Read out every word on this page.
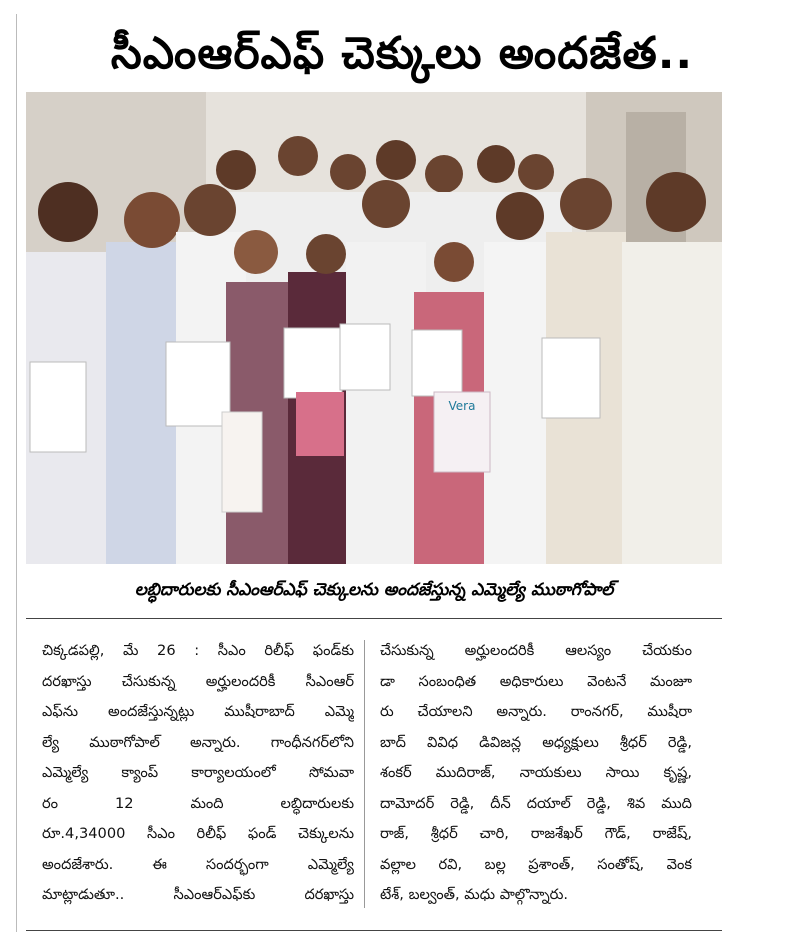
సీఎంఆర్‌ఎఫ్‌ చెక్కులు అందజేత..
Vera
లబ్ధిదారులకు సీఎంఆర్‌ఎఫ్‌ చెక్కులను అందజేస్తున్న ఎమ్మెల్యే ముఠాగోపాల్‌
చిక్కడపల్లి, మే 26 : సీఎం రిలీఫ్‌ ఫండ్‌కు
దరఖాస్తు చేసుకున్న అర్హులందరికీ సీఎంఆర్‌
ఎఫ్‌ను అందజేస్తున్నట్లు ముషీరాబాద్‌ ఎమ్మె
ల్యే ముఠాగోపాల్‌ అన్నారు. గాంధీనగర్‌లోని
ఎమ్మెల్యే క్యాంప్‌ కార్యాలయంలో సోమవా
రం 12 మంది లబ్ధిదారులకు
రూ.4,34000 సీఎం రిలీఫ్‌ ఫండ్‌ చెక్కులను
అందజేశారు. ఈ సందర్భంగా ఎమ్మెల్యే
మాట్లాడుతూ.. సీఎంఆర్‌ఎఫ్‌కు దరఖాస్తు
చేసుకున్న అర్హులందరికీ ఆలస్యం చేయకుం
డా సంబంధిత అధికారులు వెంటనే మంజూ
రు చేయాలని అన్నారు. రాంనగర్‌, ముషీరా
బాద్‌ వివిధ డివిజన్ల అధ్యక్షులు శ్రీధర్‌ రెడ్డి,
శంకర్‌ ముదిరాజ్‌, నాయకులు సాయి కృష్ణ,
దామోదర్‌ రెడ్డి, దీన్‌ దయాల్‌ రెడ్డి, శివ ముది
రాజ్‌, శ్రీధర్‌ చారి, రాజశేఖర్‌ గౌడ్‌, రాజేష్‌,
వల్లాల రవి, బల్ల ప్రశాంత్‌, సంతోష్‌, వెంక
టేశ్‌, బల్వంత్‌, మధు పాల్గొన్నారు.
